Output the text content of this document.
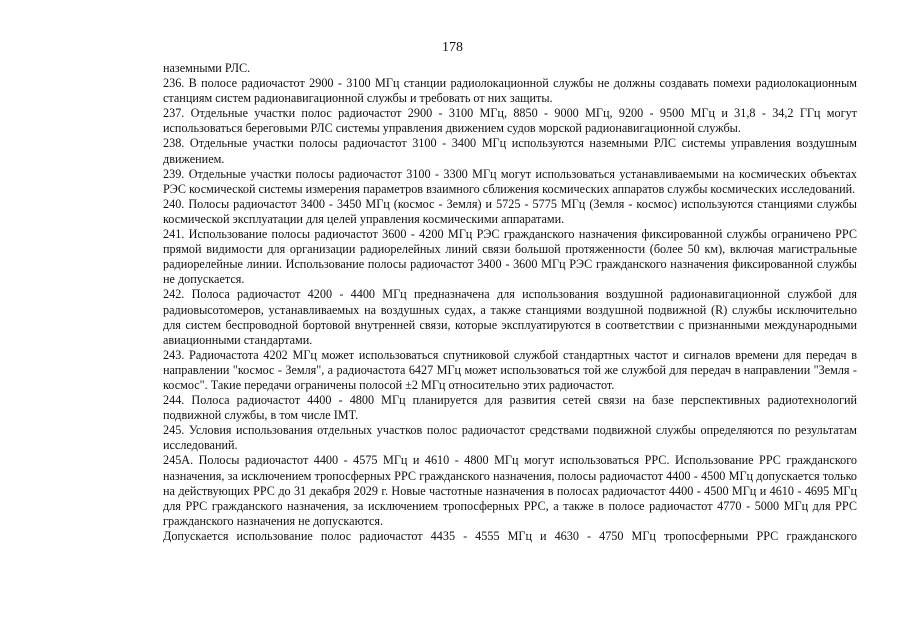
178

наземными РЛС.

236. В полосе радиочастот 2900 - 3100 МГц станции радиолокационной службы не должны создавать помехи радиолокационным станциям систем радионавигационной службы и требовать от них защиты.

237. Отдельные участки полос радиочастот 2900 - 3100 МГц, 8850 - 9000 МГц, 9200 - 9500 МГц и 31,8 - 34,2 ГГц могут использоваться береговыми РЛС системы управления движением судов морской радионавигационной службы.

238. Отдельные участки полосы радиочастот 3100 - 3400 МГц используются наземными РЛС системы управления воздушным движением.

239. Отдельные участки полосы радиочастот 3100 - 3300 МГц могут использоваться устанавливаемыми на космических объектах РЭС космической системы измерения параметров взаимного сближения космических аппаратов службы космических исследований.

240. Полосы радиочастот 3400 - 3450 МГц (космос - Земля) и 5725 - 5775 МГц (Земля - космос) используются станциями службы космической эксплуатации для целей управления космическими аппаратами.

241. Использование полосы радиочастот 3600 - 4200 МГц РЭС гражданского назначения фиксированной службы ограничено РРС прямой видимости для организации радиорелейных линий связи большой протяженности (более 50 км), включая магистральные радиорелейные линии. Использование полосы радиочастот 3400 - 3600 МГц РЭС гражданского назначения фиксированной службы не допускается.

242. Полоса радиочастот 4200 - 4400 МГц предназначена для использования воздушной радионавигационной службой для радиовысотомеров, устанавливаемых на воздушных судах, а также станциями воздушной подвижной (R) службы исключительно для систем беспроводной бортовой внутренней связи, которые эксплуатируются в соответствии с признанными международными авиационными стандартами.

243. Радиочастота 4202 МГц может использоваться спутниковой службой стандартных частот и сигналов времени для передач в направлении "космос - Земля", а радиочастота 6427 МГц может использоваться той же службой для передач в направлении "Земля - космос". Такие передачи ограничены полосой ±2 МГц относительно этих радиочастот.

244. Полоса радиочастот 4400 - 4800 МГц планируется для развития сетей связи на базе перспективных радиотехнологий подвижной службы, в том числе IMT.

245. Условия использования отдельных участков полос радиочастот средствами подвижной службы определяются по результатам исследований.

245А. Полосы радиочастот 4400 - 4575 МГц и 4610 - 4800 МГц могут использоваться РРС. Использование РРС гражданского назначения, за исключением тропосферных РРС гражданского назначения, полосы радиочастот 4400 - 4500 МГц допускается только на действующих РРС до 31 декабря 2029 г. Новые частотные назначения в полосах радиочастот 4400 - 4500 МГц и 4610 - 4695 МГц для РРС гражданского назначения, за исключением тропосферных РРС, а также в полосе радиочастот 4770 - 5000 МГц для РРС гражданского назначения не допускаются.

Допускается использование полос радиочастот 4435 - 4555 МГц и 4630 - 4750 МГц тропосферными РРС гражданского
